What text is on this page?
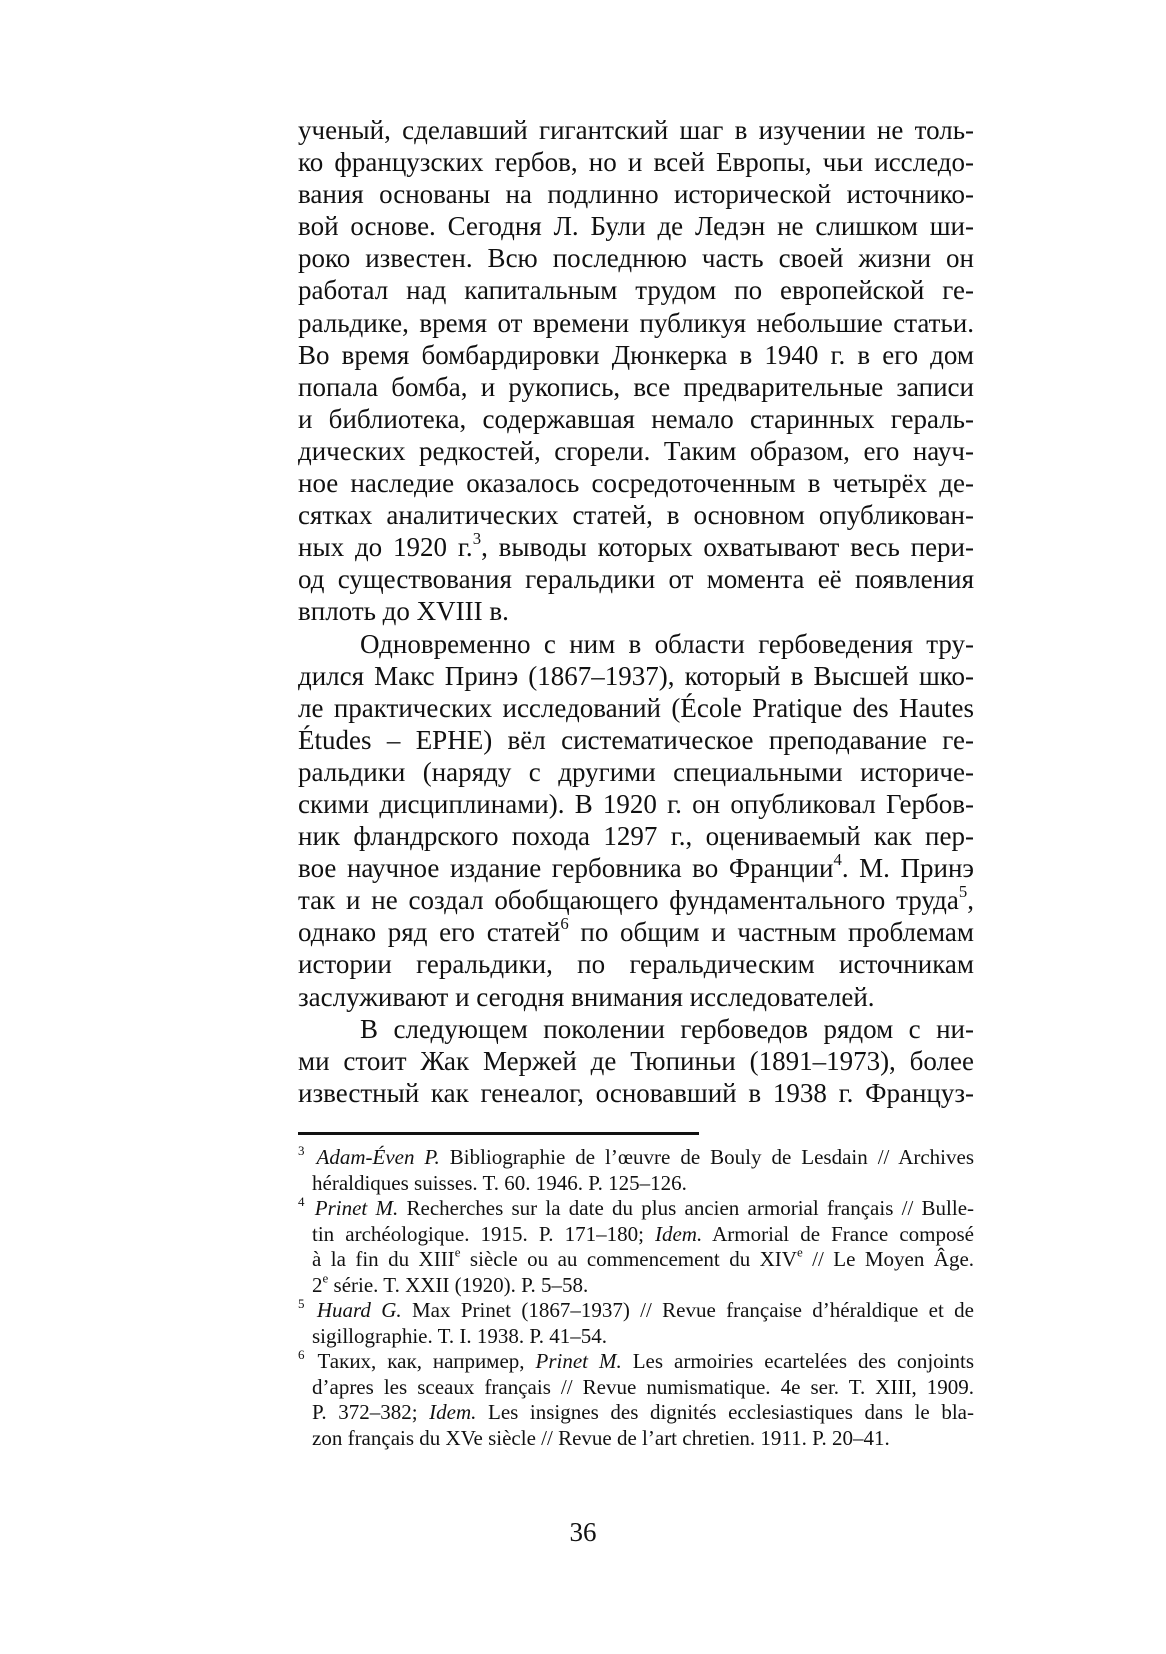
ученый, сделавший гигантский шаг в изучении не толь-
ко французских гербов, но и всей Европы, чьи исследо-
вания основаны на подлинно исторической источнико-
вой основе. Сегодня Л. Були де Ледэн не слишком ши-
роко известен. Всю последнюю часть своей жизни он
работал над капитальным трудом по европейской ге-
ральдике, время от времени публикуя небольшие статьи.
Во время бомбардировки Дюнкерка в 1940 г. в его дом
попала бомба, и рукопись, все предварительные записи
и библиотека, содержавшая немало старинных гераль-
дических редкостей, сгорели. Таким образом, его науч-
ное наследие оказалось сосредоточенным в четырёх де-
сятках аналитических статей, в основном опубликован-
ных до 1920 г.$^3$, выводы которых охватывают весь пери-
од существования геральдики от момента её появления
вплоть до XVIII в.
Одновременно с ним в области гербоведения тру-
дился Макс Принэ (1867–1937), который в Высшей шко-
ле практических исследований (École Pratique des Hautes
Études – EPHE) вёл систематическое преподавание ге-
ральдики (наряду с другими специальными историче-
скими дисциплинами). В 1920 г. он опубликовал Гербов-
ник фландрского похода 1297 г., оцениваемый как пер-
вое научное издание гербовника во Франции$^4$. М. Принэ
так и не создал обобщающего фундаментального труда$^5$,
однако ряд его статей$^6$ по общим и частным проблемам
истории геральдики, по геральдическим источникам
заслуживают и сегодня внимания исследователей.
В следующем поколении гербоведов рядом с ни-
ми стоит Жак Мержей де Тюпиньи (1891–1973), более
известный как генеалог, основавший в 1938 г. Француз-
$^3$ Adam-Éven P. Bibliographie de l’œuvre de Bouly de Lesdain // Archives
héraldiques suisses. T. 60. 1946. P. 125–126.
$^4$ Prinet M. Recherches sur la date du plus ancien armorial français // Bulle-
tin archéologique. 1915. P. 171–180; Idem. Armorial de France composé
à la fin du XIIIe siècle ou au commencement du XIVe // Le Moyen Âge.
2e série. T. XXII (1920). P. 5–58.
$^5$ Huard G. Max Prinet (1867–1937) // Revue française d’héraldique et de
sigillographie. T. I. 1938. P. 41–54.
$^6$ Таких, как, например, Prinet M. Les armoiries ecartelées des conjoints
d’apres les sceaux français // Revue numismatique. 4e ser. T. XIII, 1909.
P. 372–382; Idem. Les insignes des dignités ecclesiastiques dans le bla-
zon français du XVe siècle // Revue de l’art chretien. 1911. P. 20–41.
36
